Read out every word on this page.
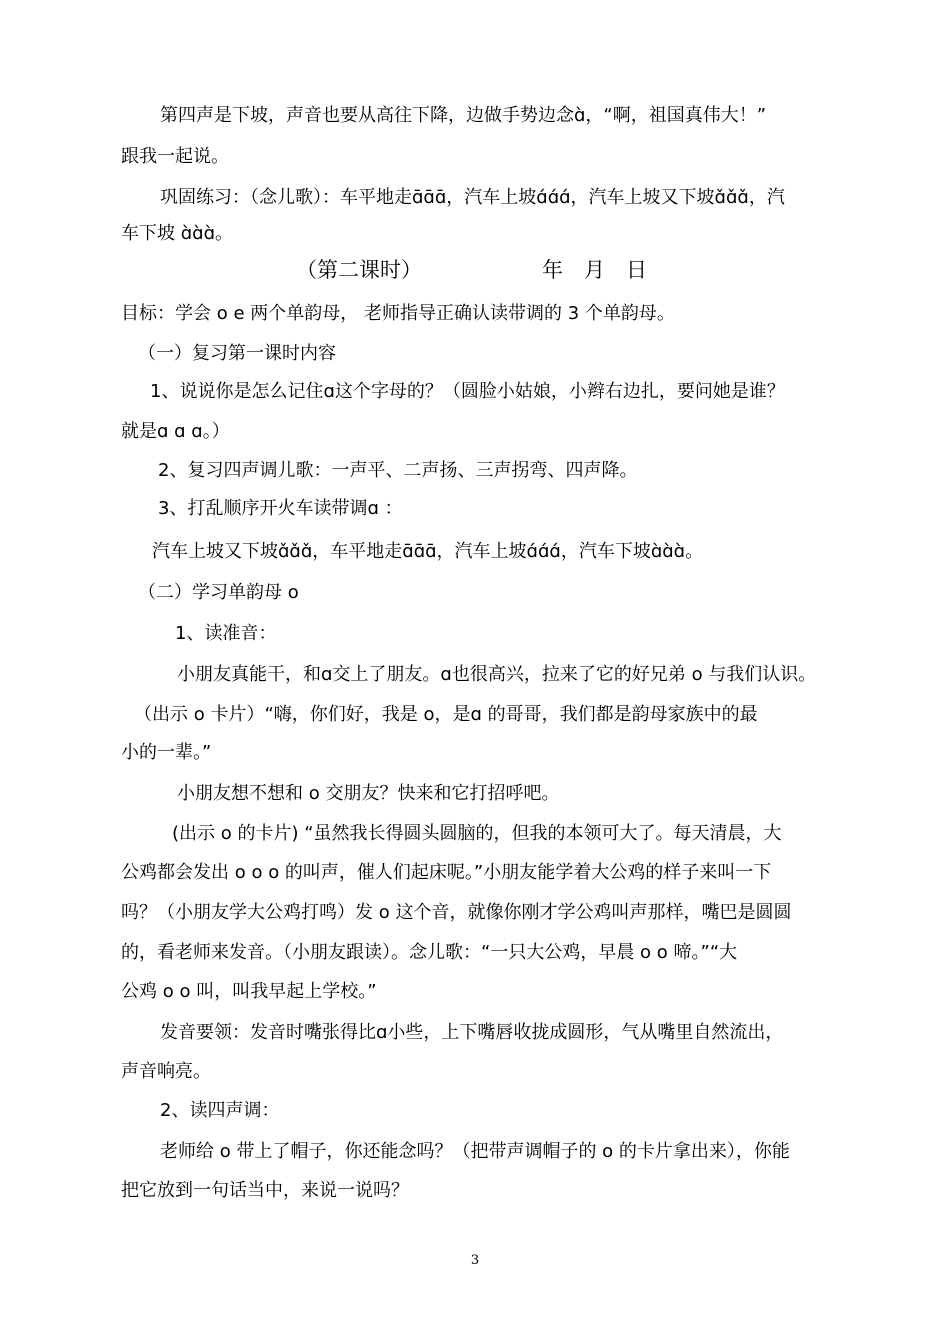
第四声是下坡，声音也要从高往下降，边做手势边念ɑ̀，“啊，祖国真伟大！”
跟我一起说。
巩固练习：（念儿歌）：车平地走ɑ̄ɑ̄ɑ̄，汽车上坡ɑ́ɑ́ɑ́，汽车上坡又下坡ɑ̌ɑ̌ɑ̌，汽
车下坡 ɑ̀ɑ̀ɑ̀。
（第二课时）	年　月　日
目标：学会 o e 两个单韵母， 老师指导正确认读带调的 3 个单韵母。
（一）复习第一课时内容
1、说说你是怎么记住ɑ这个字母的？（圆脸小姑娘，小辫右边扎，要问她是谁？
就是ɑ ɑ ɑ。）
2、复习四声调儿歌：一声平、二声扬、三声拐弯、四声降。
3、打乱顺序开火车读带调ɑ ：
汽车上坡又下坡ɑ̌ɑ̌ɑ̌，车平地走ɑ̄ɑ̄ɑ̄，汽车上坡ɑ́ɑ́ɑ́，汽车下坡ɑ̀ɑ̀ɑ̀。
（二）学习单韵母 o
1、读准音：
小朋友真能干，和ɑ交上了朋友。ɑ也很高兴，拉来了它的好兄弟 o 与我们认识。
（出示 o 卡片）“嗨，你们好，我是 o，是ɑ 的哥哥，我们都是韵母家族中的最
小的一辈。”
小朋友想不想和 o 交朋友？快来和它打招呼吧。
(出示 o 的卡片) “虽然我长得圆头圆脑的，但我的本领可大了。每天清晨，大
公鸡都会发出 o o o 的叫声，催人们起床呢。”小朋友能学着大公鸡的样子来叫一下
吗？（小朋友学大公鸡打鸣）发 o 这个音，就像你刚才学公鸡叫声那样，嘴巴是圆圆
的，看老师来发音。（小朋友跟读）。念儿歌：“一只大公鸡，早晨 o o 啼。”“大
公鸡 o o 叫，叫我早起上学校。”
发音要领：发音时嘴张得比ɑ小些，上下嘴唇收拢成圆形，气从嘴里自然流出，
声音响亮。
2、读四声调：
老师给 o 带上了帽子，你还能念吗？（把带声调帽子的 o 的卡片拿出来），你能
把它放到一句话当中，来说一说吗？
3
